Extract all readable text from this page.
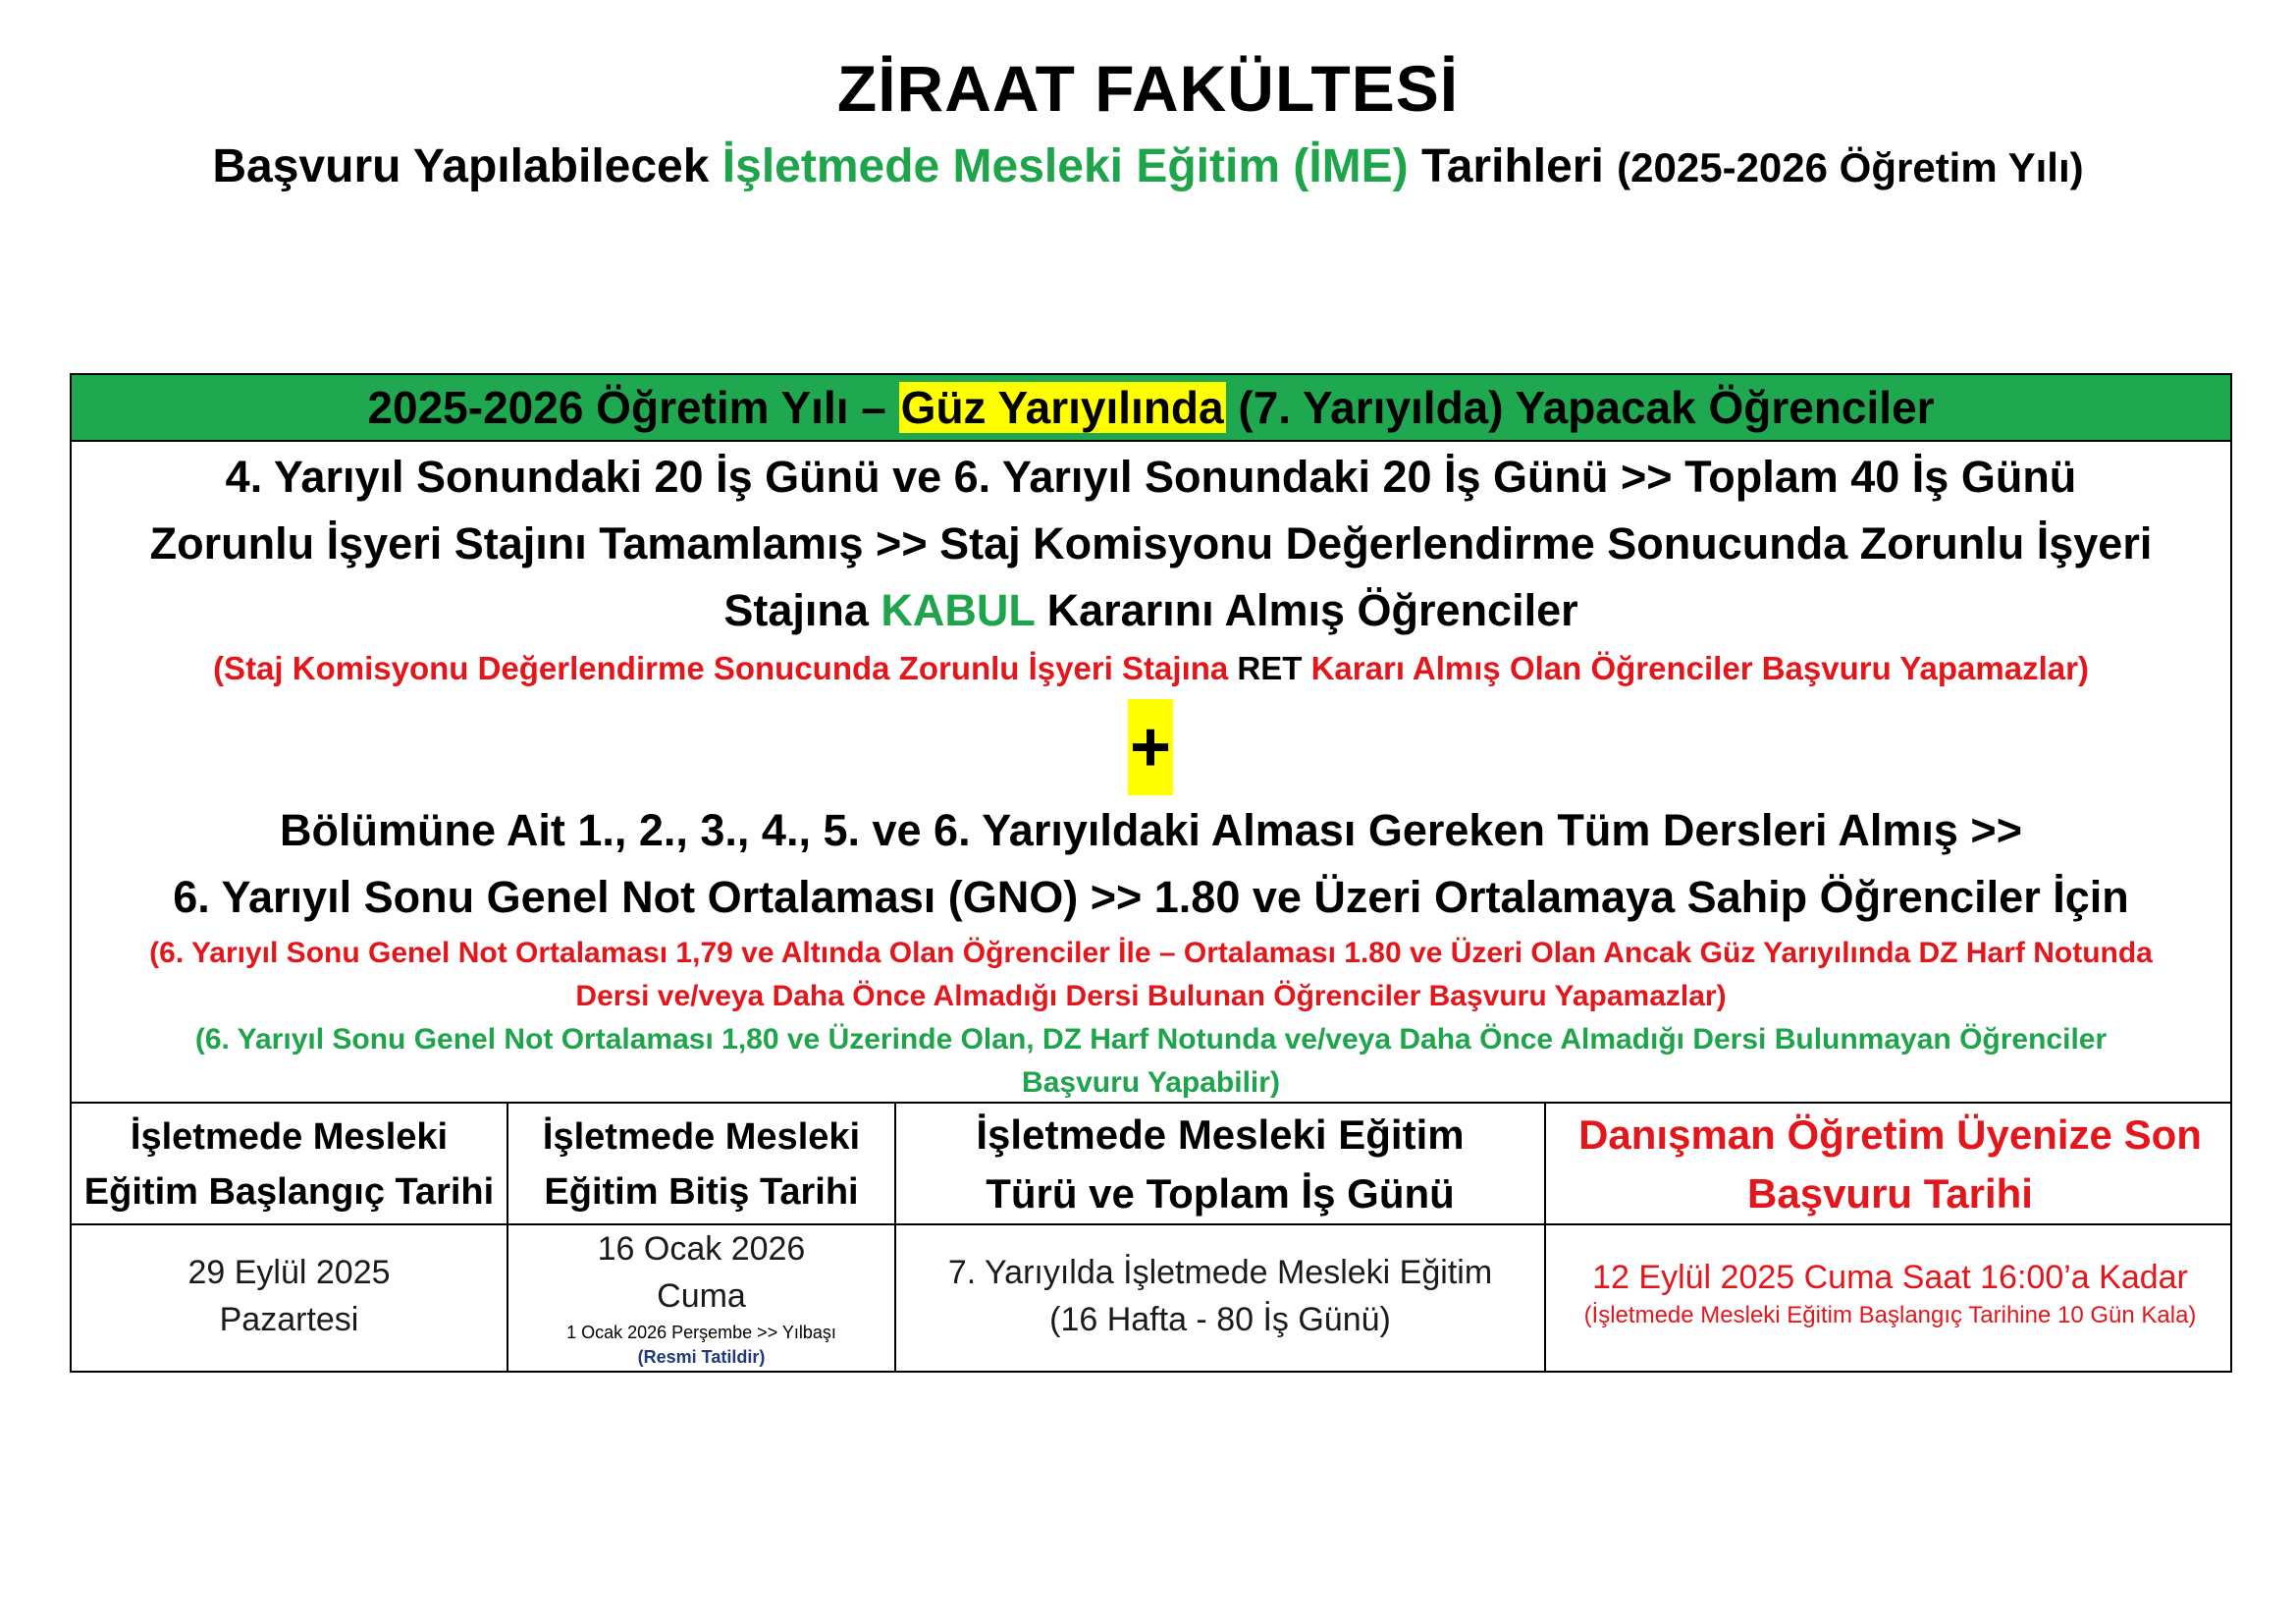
ZİRAAT FAKÜLTESİ
Başvuru Yapılabilecek İşletmede Mesleki Eğitim (İME) Tarihleri (2025-2026 Öğretim Yılı)
2025-2026 Öğretim Yılı – Güz Yarıyılında (7. Yarıyılda) Yapacak Öğrenciler
4. Yarıyıl Sonundaki 20 İş Günü ve 6. Yarıyıl Sonundaki 20 İş Günü >> Toplam 40 İş Günü
Zorunlu İşyeri Stajını Tamamlamış >> Staj Komisyonu Değerlendirme Sonucunda Zorunlu İşyeri
Stajına KABUL Kararını Almış Öğrenciler
(Staj Komisyonu Değerlendirme Sonucunda Zorunlu İşyeri Stajına RET Kararı Almış Olan Öğrenciler Başvuru Yapamazlar)
+
Bölümüne Ait 1., 2., 3., 4., 5. ve 6. Yarıyıldaki Alması Gereken Tüm Dersleri Almış >>
6. Yarıyıl Sonu Genel Not Ortalaması (GNO) >> 1.80 ve Üzeri Ortalamaya Sahip Öğrenciler İçin
(6. Yarıyıl Sonu Genel Not Ortalaması 1,79 ve Altında Olan Öğrenciler İle – Ortalaması 1.80 ve Üzeri Olan Ancak Güz Yarıyılında DZ Harf Notunda
Dersi ve/veya Daha Önce Almadığı Dersi Bulunan Öğrenciler Başvuru Yapamazlar)
(6. Yarıyıl Sonu Genel Not Ortalaması 1,80 ve Üzerinde Olan, DZ Harf Notunda ve/veya Daha Önce Almadığı Dersi Bulunmayan Öğrenciler
Başvuru Yapabilir)
İşletmede Mesleki
Eğitim Başlangıç Tarihi
İşletmede Mesleki
Eğitim Bitiş Tarihi
İşletmede Mesleki Eğitim
Türü ve Toplam İş Günü
Danışman Öğretim Üyenize Son
Başvuru Tarihi
29 Eylül 2025
Pazartesi
16 Ocak 2026
Cuma
1 Ocak 2026 Perşembe >> Yılbaşı
(Resmi Tatildir)
7. Yarıyılda İşletmede Mesleki Eğitim
(16 Hafta - 80 İş Günü)
12 Eylül 2025 Cuma Saat 16:00’a Kadar
(İşletmede Mesleki Eğitim Başlangıç Tarihine 10 Gün Kala)
